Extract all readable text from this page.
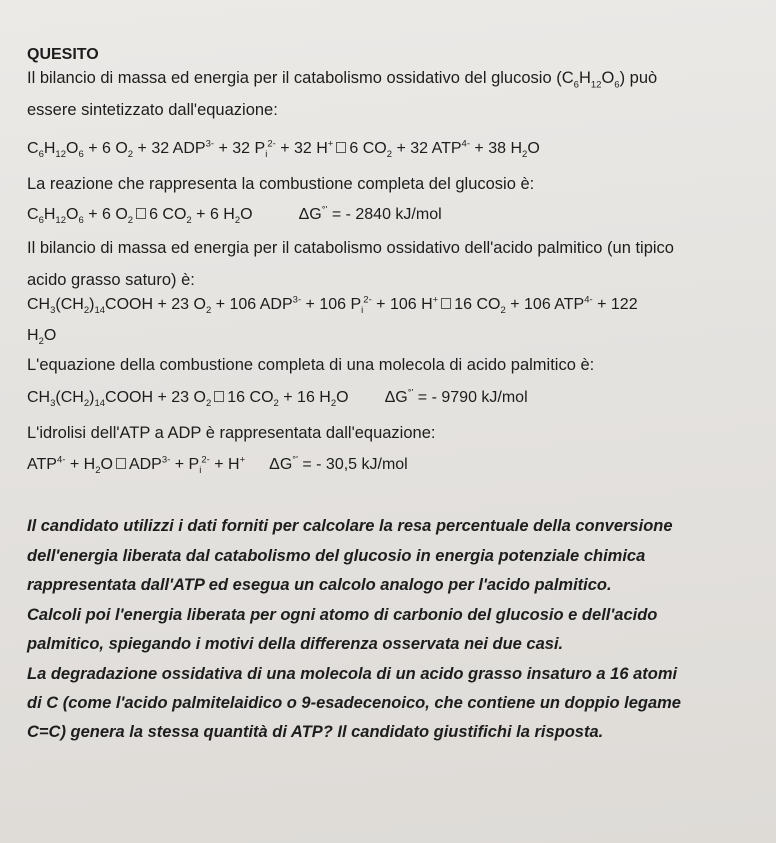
QUESITO
Il bilancio di massa ed energia per il catabolismo ossidativo del glucosio $(C_6H_{12}O_6)$ può
essere sintetizzato dall'equazione:
$C_6H_{12}O_6 + 6$ $O_2 + 32$ $ADP^{3-} + 32$ $P_i^{2-} + 32$ H+ 6 $CO_2 + 32$ $ATP^{4-} + 38$ $H_2O$
La reazione che rappresenta la combustione completa del glucosio è:
$C_6H_{12}O_6 + 6$ $O_2$ 6 $CO_2 + 6$ $H_2O$	ΔG°' = - 2840 kJ/mol
Il bilancio di massa ed energia per il catabolismo ossidativo dell'acido palmitico (un tipico
acido grasso saturo) è:
$CH_3(CH_2)_{14}COOH + 23$ $O_2 + 106$ $ADP^{3-} + 106$ $P_i^{2-} + 106$ H+ 16 $CO_2 + 106$ $ATP^{4-} + 122$
$H_2O$
L'equazione della combustione completa di una molecola di acido palmitico è:
$CH_3(CH_2)_{14}COOH + 23$ $O_2$ 16 $CO_2 + 16$ $H_2O$ ΔG°' = - 9790 kJ/mol
L'idrolisi dell'ATP a ADP è rappresentata dall'equazione:
$ATP^{4-} + H_2O$ $ADP^{3-} + P_i^{2-} + H^+$ ΔG°' = - 30,5 kJ/mol
Il candidato utilizzi i dati forniti per calcolare la resa percentuale della conversione
dell'energia liberata dal catabolismo del glucosio in energia potenziale chimica
rappresentata dall'ATP ed esegua un calcolo analogo per l'acido palmitico.
Calcoli poi l'energia liberata per ogni atomo di carbonio del glucosio e dell'acido
palmitico, spiegando i motivi della differenza osservata nei due casi.
La degradazione ossidativa di una molecola di un acido grasso insaturo a 16 atomi
di C (come l'acido palmitelaidico o 9-esadecenoico, che contiene un doppio legame
C=C) genera la stessa quantità di ATP? Il candidato giustifichi la risposta.
